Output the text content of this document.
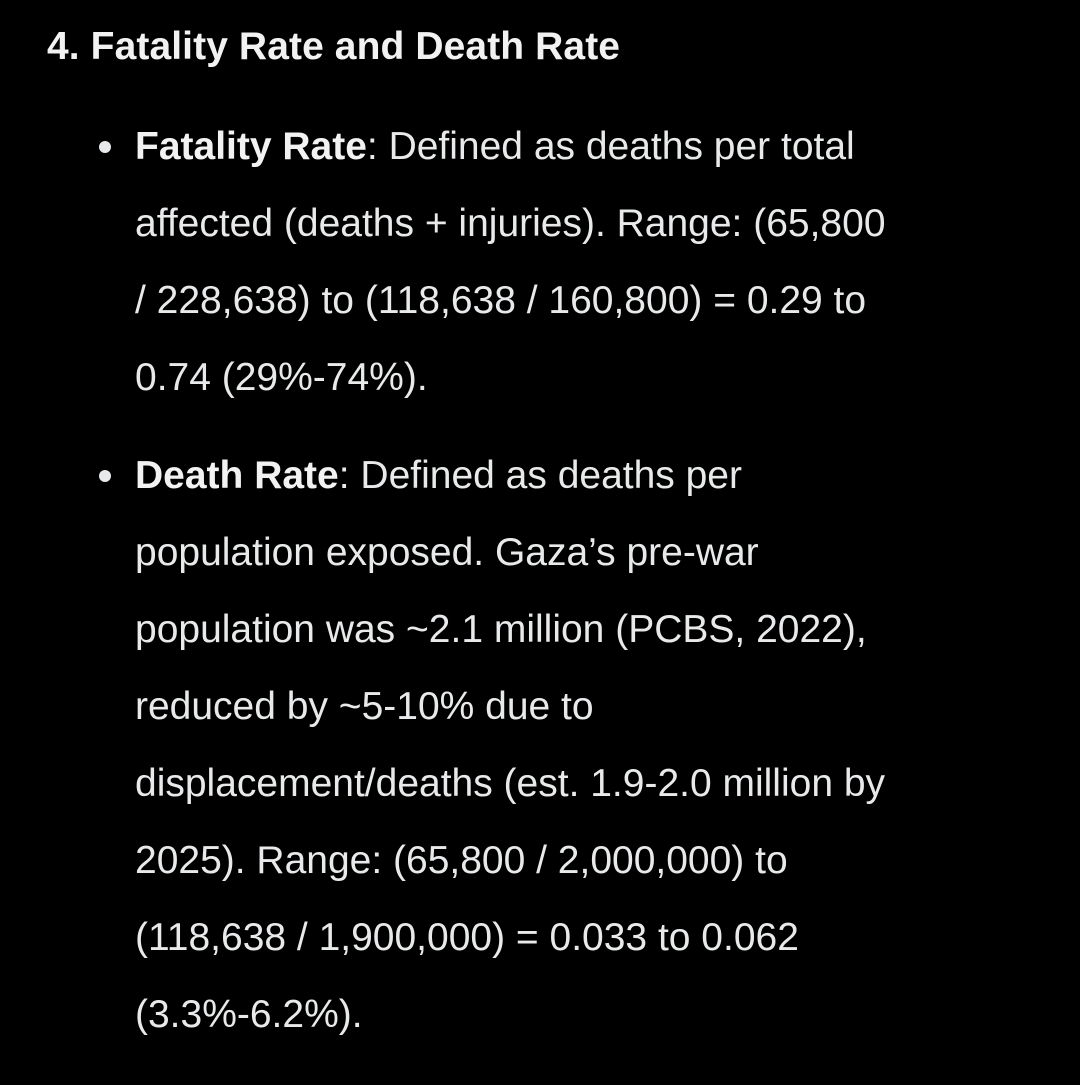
4. Fatality Rate and Death Rate
Fatality Rate: Defined as deaths per total
affected (deaths + injuries). Range: (65,800
/ 228,638) to (118,638 / 160,800) = 0.29 to
0.74 (29%-74%).
Death Rate: Defined as deaths per
population exposed. Gaza’s pre-war
population was ~2.1 million (PCBS, 2022),
reduced by ~5-10% due to
displacement/deaths (est. 1.9-2.0 million by
2025). Range: (65,800 / 2,000,000) to
(118,638 / 1,900,000) = 0.033 to 0.062
(3.3%-6.2%).
